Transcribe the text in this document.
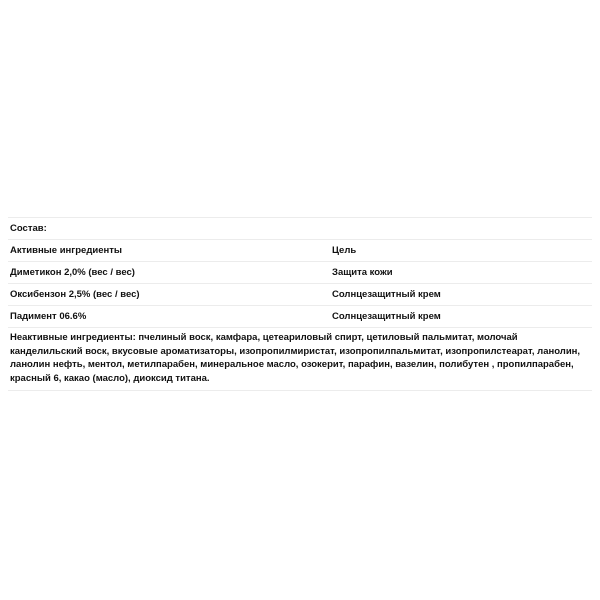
Состав:
Активные ингредиенты	Цель
Диметикон 2,0% (вес / вес)	Защита кожи
Оксибензон 2,5% (вес / вес)	Солнцезащитный крем
Падимент 06.6%	Солнцезащитный крем
Неактивные ингредиенты: пчелиный воск, камфара, цетеариловый спирт, цетиловый пальмитат, молочай канделильский воск, вкусовые ароматизаторы, изопропилмиристат, изопропилпальмитат, изопропилстеарат, ланолин, ланолин нефть, ментол, метилпарабен, минеральное масло, озокерит, парафин, вазелин, полибутен , пропилпарабен, красный 6, какао (масло), диоксид титана.
